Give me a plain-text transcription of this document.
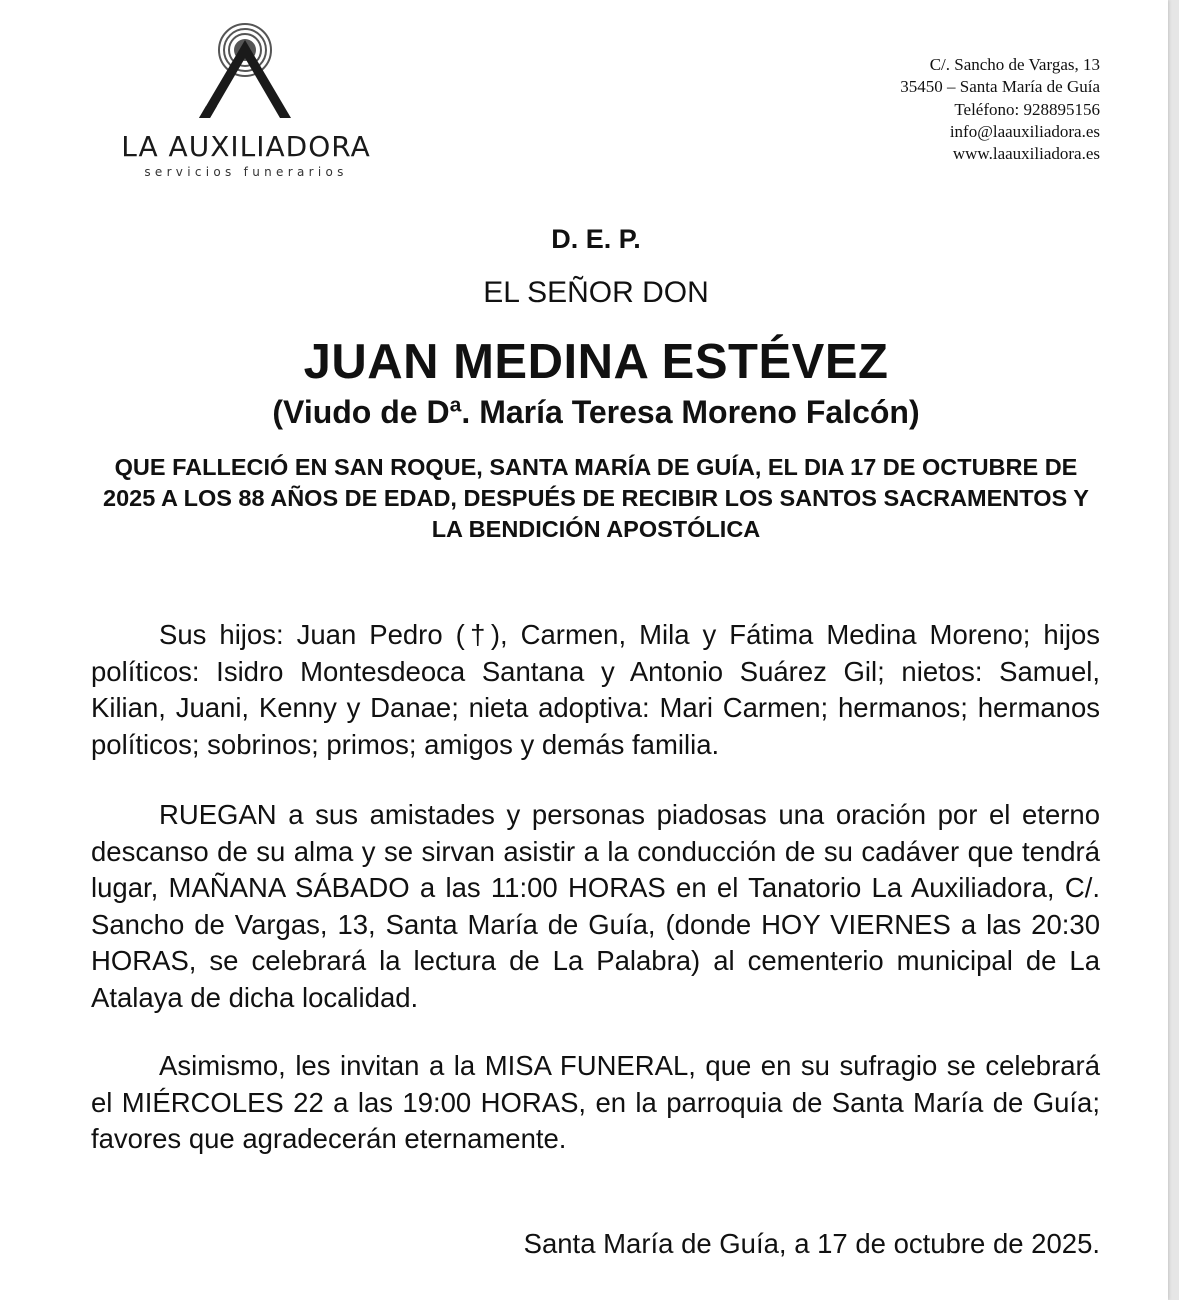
LA AUXILIADORA
servicios funerarios
C/. Sancho de Vargas, 13
35450 – Santa María de Guía
Teléfono: 928895156
info@laauxiliadora.es
www.laauxiliadora.es
D. E. P.
EL SEÑOR DON
JUAN MEDINA ESTÉVEZ
(Viudo de Dª. María Teresa Moreno Falcón)
QUE FALLECIÓ EN SAN ROQUE, SANTA MARÍA DE GUÍA, EL DIA 17 DE OCTUBRE DE 2025 A LOS 88 AÑOS DE EDAD, DESPUÉS DE RECIBIR LOS SANTOS SACRAMENTOS Y LA BENDICIÓN APOSTÓLICA
Sus hijos: Juan Pedro (†), Carmen, Mila y Fátima Medina Moreno; hijos políticos: Isidro Montesdeoca Santana y Antonio Suárez Gil; nietos: Samuel, Kilian, Juani, Kenny y Danae; nieta adoptiva: Mari Carmen; hermanos; hermanos políticos; sobrinos; primos; amigos y demás familia.
RUEGAN a sus amistades y personas piadosas una oración por el eterno descanso de su alma y se sirvan asistir a la conducción de su cadáver que tendrá lugar, MAÑANA SÁBADO a las 11:00 HORAS en el Tanatorio La Auxiliadora, C/. Sancho de Vargas, 13, Santa María de Guía, (donde HOY VIERNES a las 20:30 HORAS, se celebrará la lectura de La Palabra) al cementerio municipal de La Atalaya de dicha localidad.
Asimismo, les invitan a la MISA FUNERAL, que en su sufragio se celebrará el MIÉRCOLES 22 a las 19:00 HORAS, en la parroquia de Santa María de Guía; favores que agradecerán eternamente.
Santa María de Guía, a 17 de octubre de 2025.
